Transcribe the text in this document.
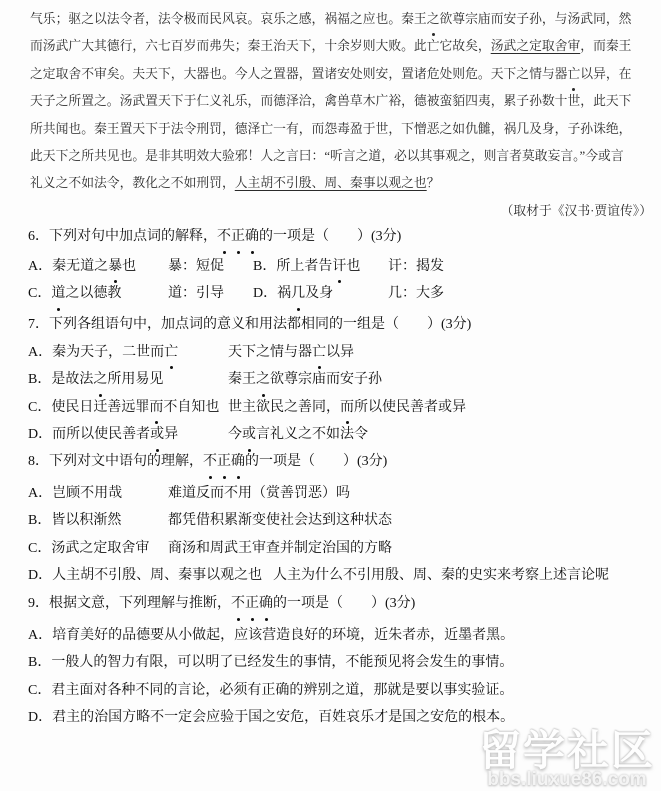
气乐；驱之以法令者，法令极而民风哀。哀乐之感，祸福之应也。秦王之欲尊宗庙而安子孙，与汤武同，然
而汤武广大其德行，六七百岁而弗失；秦王治天下，十余岁则大败。此亡它故矣，汤武之定取舍审，而秦王
之定取舍不审矣。夫天下，大器也。今人之置器，置诸安处则安，置诸危处则危。天下之情与器亡以异，在
天子之所置之。汤武置天下于仁义礼乐，而德泽洽，禽兽草木广裕，德被蛮貊四夷，累子孙数十世，此天下
所共闻也。秦王置天下于法令刑罚，德泽亡一有，而怨毒盈于世，下憎恶之如仇雠，祸几及身，子孙诛绝，
此天下之所共见也。是非其明效大验邪！人之言曰：“听言之道，必以其事观之，则言者莫敢妄言。”今或言
礼义之不如法令，教化之不如刑罚，人主胡不引殷、周、秦事以观之也？
（取材于《汉书·贾谊传》）
6．下列对句中加点词的解释，不正确的一项是（　　）(3分)
A．秦无道之暴也	暴：短促	B．所上者告讦也	讦：揭发
C．道之以德教	道：引导	D．祸几及身	几：大多
7．下列各组语句中，加点词的意义和用法都相同的一组是（　　）(3分)
A．秦为天子，二世而亡	天下之情与器亡以异
B．是故法之所用易见	秦王之欲尊宗庙而安子孙
C．使民日迁善远罪而不自知也 世主欲民之善同，而所以使民善者或异
D．而所以使民善者或异	今或言礼义之不如法令
8．下列对文中语句的理解，不正确的一项是（　　）(3分)
A．岂顾不用哉	难道反而不用（赏善罚恶）吗
B．皆以积渐然	都凭借积累渐变使社会达到这种状态
C．汤武之定取舍审	商汤和周武王审查并制定治国的方略
D．人主胡不引殷、周、秦事以观之也 人主为什么不引用殷、周、秦的史实来考察上述言论呢
9．根据文意，下列理解与推断，不正确的一项是（　　）(3分)
A．培育美好的品德要从小做起，应该营造良好的环境，近朱者赤，近墨者黑。
B．一般人的智力有限，可以明了已经发生的事情，不能预见将会发生的事情。
C．君主面对各种不同的言论，必须有正确的辨别之道，那就是要以事实验证。
D．君主的治国方略不一定会应验于国之安危，百姓哀乐才是国之安危的根本。
留学社区
bbs.liuxue86.com
